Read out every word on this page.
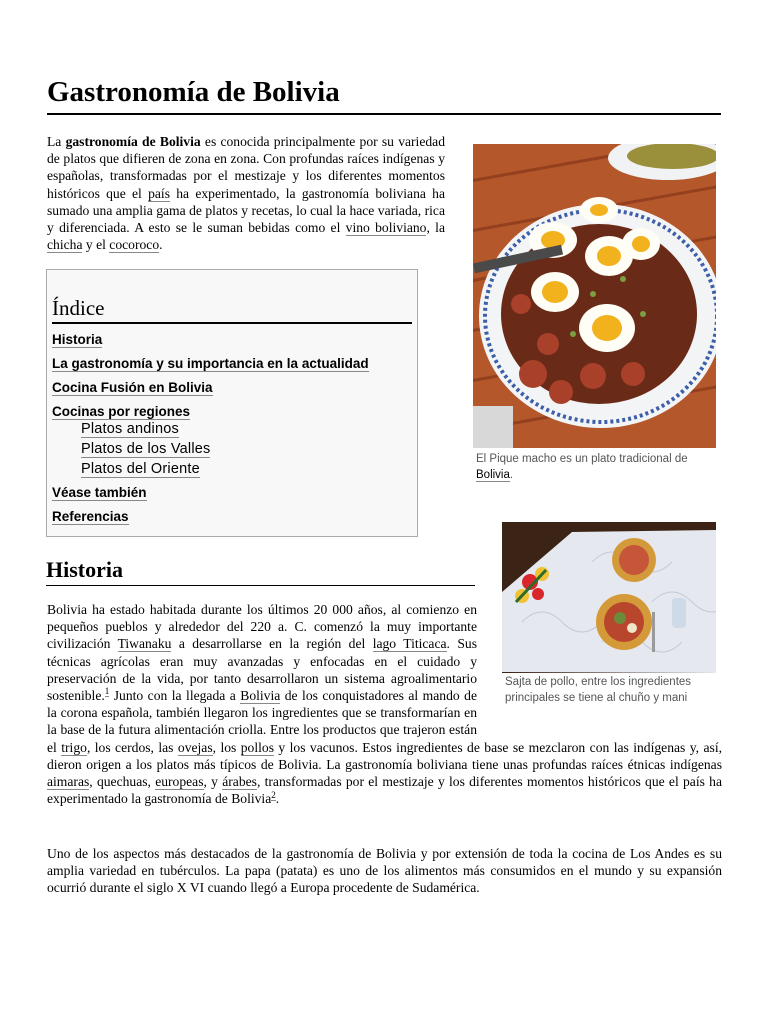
Gastronomía de Bolivia

La gastronomía de Bolivia es conocida principalmente por su variedad de platos que difieren de zona en zona. Con profundas raíces indígenas y españolas, transformadas por el mestizaje y los diferentes momentos históricos que el país ha experimentado, la gastronomía boliviana ha sumado una amplia gama de platos y recetas, lo cual la hace variada, rica y diferenciada. A esto se le suman bebidas como el vino boliviano, la chicha y el cocoroco.

El Pique macho es un plato tradicional de Bolivia.
Índice
Historia
La gastronomía y su importancia en la actualidad
Cocina Fusión en Bolivia
Cocinas por regiones
Platos andinos
Platos de los Valles
Platos del Oriente
Véase también
Referencias
Sajta de pollo, entre los ingredientes principales se tiene al chuño y mani
Historia

Bolivia ha estado habitada durante los últimos 20 000 años, al comienzo en pequeños pueblos y alrededor del 220 a. C. comenzó la muy importante civilización Tiwanaku a desarrollarse en la región del lago Titicaca. Sus técnicas agrícolas eran muy avanzadas y enfocadas en el cuidado y preservación de la vida, por tanto desarrollaron un sistema agroalimentario sostenible.$^1$ Junto con la llegada a Bolivia de los conquistadores al mando de la corona española, también llegaron los ingredientes que se transformarían en la base de la futura alimentación criolla. Entre los productos que trajeron están el trigo, los cerdos, las ovejas, los pollos y los vacunos. Estos ingredientes de base se mezclaron con las indígenas y, así, dieron origen a los platos más típicos de Bolivia. La gastronomía boliviana tiene unas profundas raíces étnicas indígenas aimaras, quechuas, europeas, y árabes, transformadas por el mestizaje y los diferentes momentos históricos que el país ha experimentado la gastronomía de Bolivia$^2$.

Uno de los aspectos más destacados de la gastronomía de Bolivia y por extensión de toda la cocina de Los Andes es su amplia variedad en tubérculos. La papa (patata) es uno de los alimentos más consumidos en el mundo y su expansión ocurrió durante el siglo X VI cuando llegó a Europa procedente de Sudamérica.
